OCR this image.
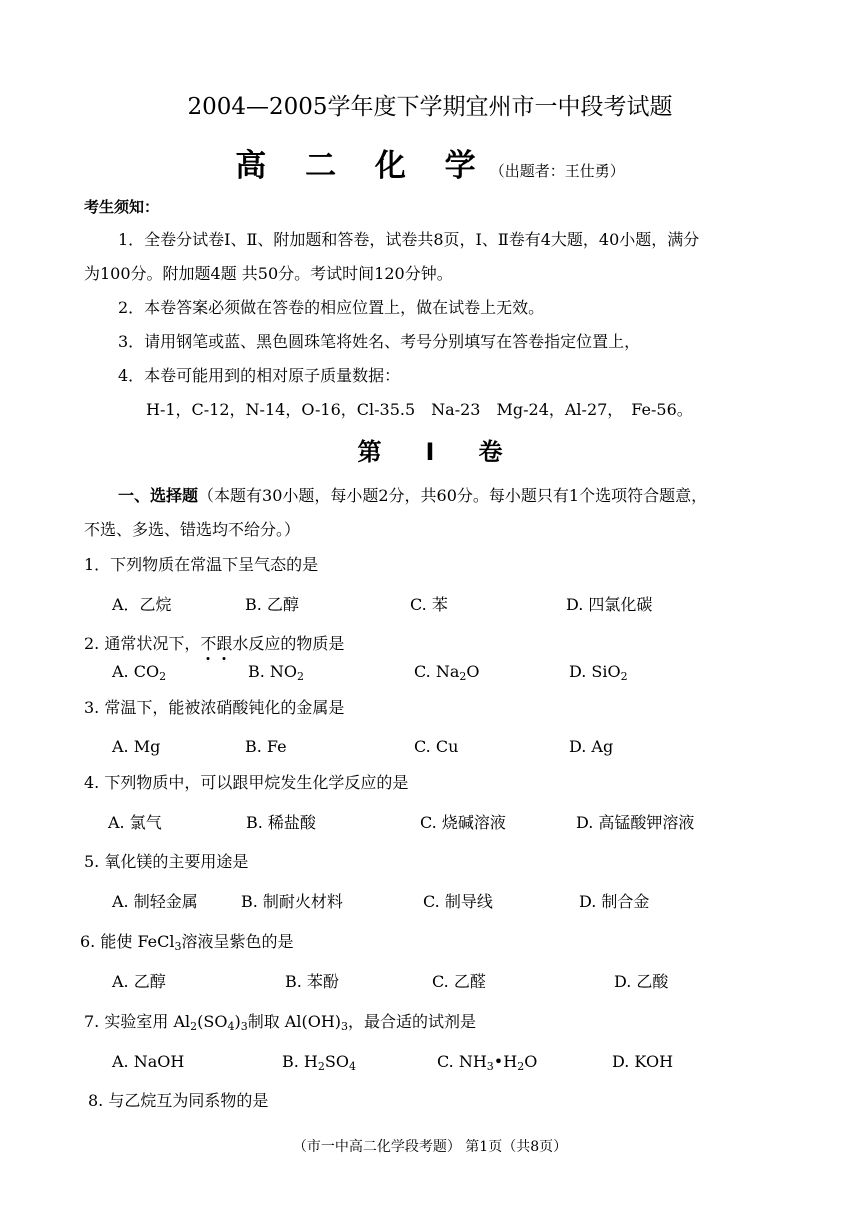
2004—2005学年度下学期宜州市一中段考试题
高 二 化 学（出题者：王仕勇）
考生须知：
1．全卷分试卷Ⅰ、Ⅱ、附加题和答卷，试卷共8页，Ⅰ、Ⅱ卷有4大题，40小题，满分
为100分。附加题4题 共50分。考试时间120分钟。
2．本卷答案必须做在答卷的相应位置上，做在试卷上无效。
3．请用钢笔或蓝、黑色圆珠笔将姓名、考号分别填写在答卷指定位置上，
4．本卷可能用到的相对原子质量数据：
H-1，C-12，N-14，O-16，Cl-35.5　Na-23　Mg-24，Al-27，　Fe-56。
第 Ⅰ 卷
一、选择题（本题有30小题，每小题2分，共60分。每小题只有1个选项符合题意，
不选、多选、错选均不给分。）
1．下列物质在常温下呈气态的是
A．乙烷	B. 乙醇	C. 苯	D. 四氯化碳
2. 通常状况下，不跟水反应的物质是
A. $CO_2$	B. $NO_2$	C. $Na_2O$	D. SiO$_2$
3. 常温下，能被浓硝酸钝化的金属是
A. Mg	B. Fe	C. Cu	D. Ag
4. 下列物质中，可以跟甲烷发生化学反应的是
A. 氯气	B. 稀盐酸	C. 烧碱溶液	D. 高锰酸钾溶液
5. 氧化镁的主要用途是
A. 制轻金属	B. 制耐火材料	C. 制导线	D. 制合金
6. 能使 FeCl$_3$溶液呈紫色的是
A. 乙醇	B. 苯酚	C. 乙醛	D. 乙酸
7. 实验室用 $Al_2(SO_4)_3$制取 $Al(OH)_3$，最合适的试剂是
A. NaOH	B. $H_2SO_4$	C. $NH_3•H_2O$	D. KOH
8. 与乙烷互为同系物的是
（市一中高二化学段考题） 第1页（共8页）
